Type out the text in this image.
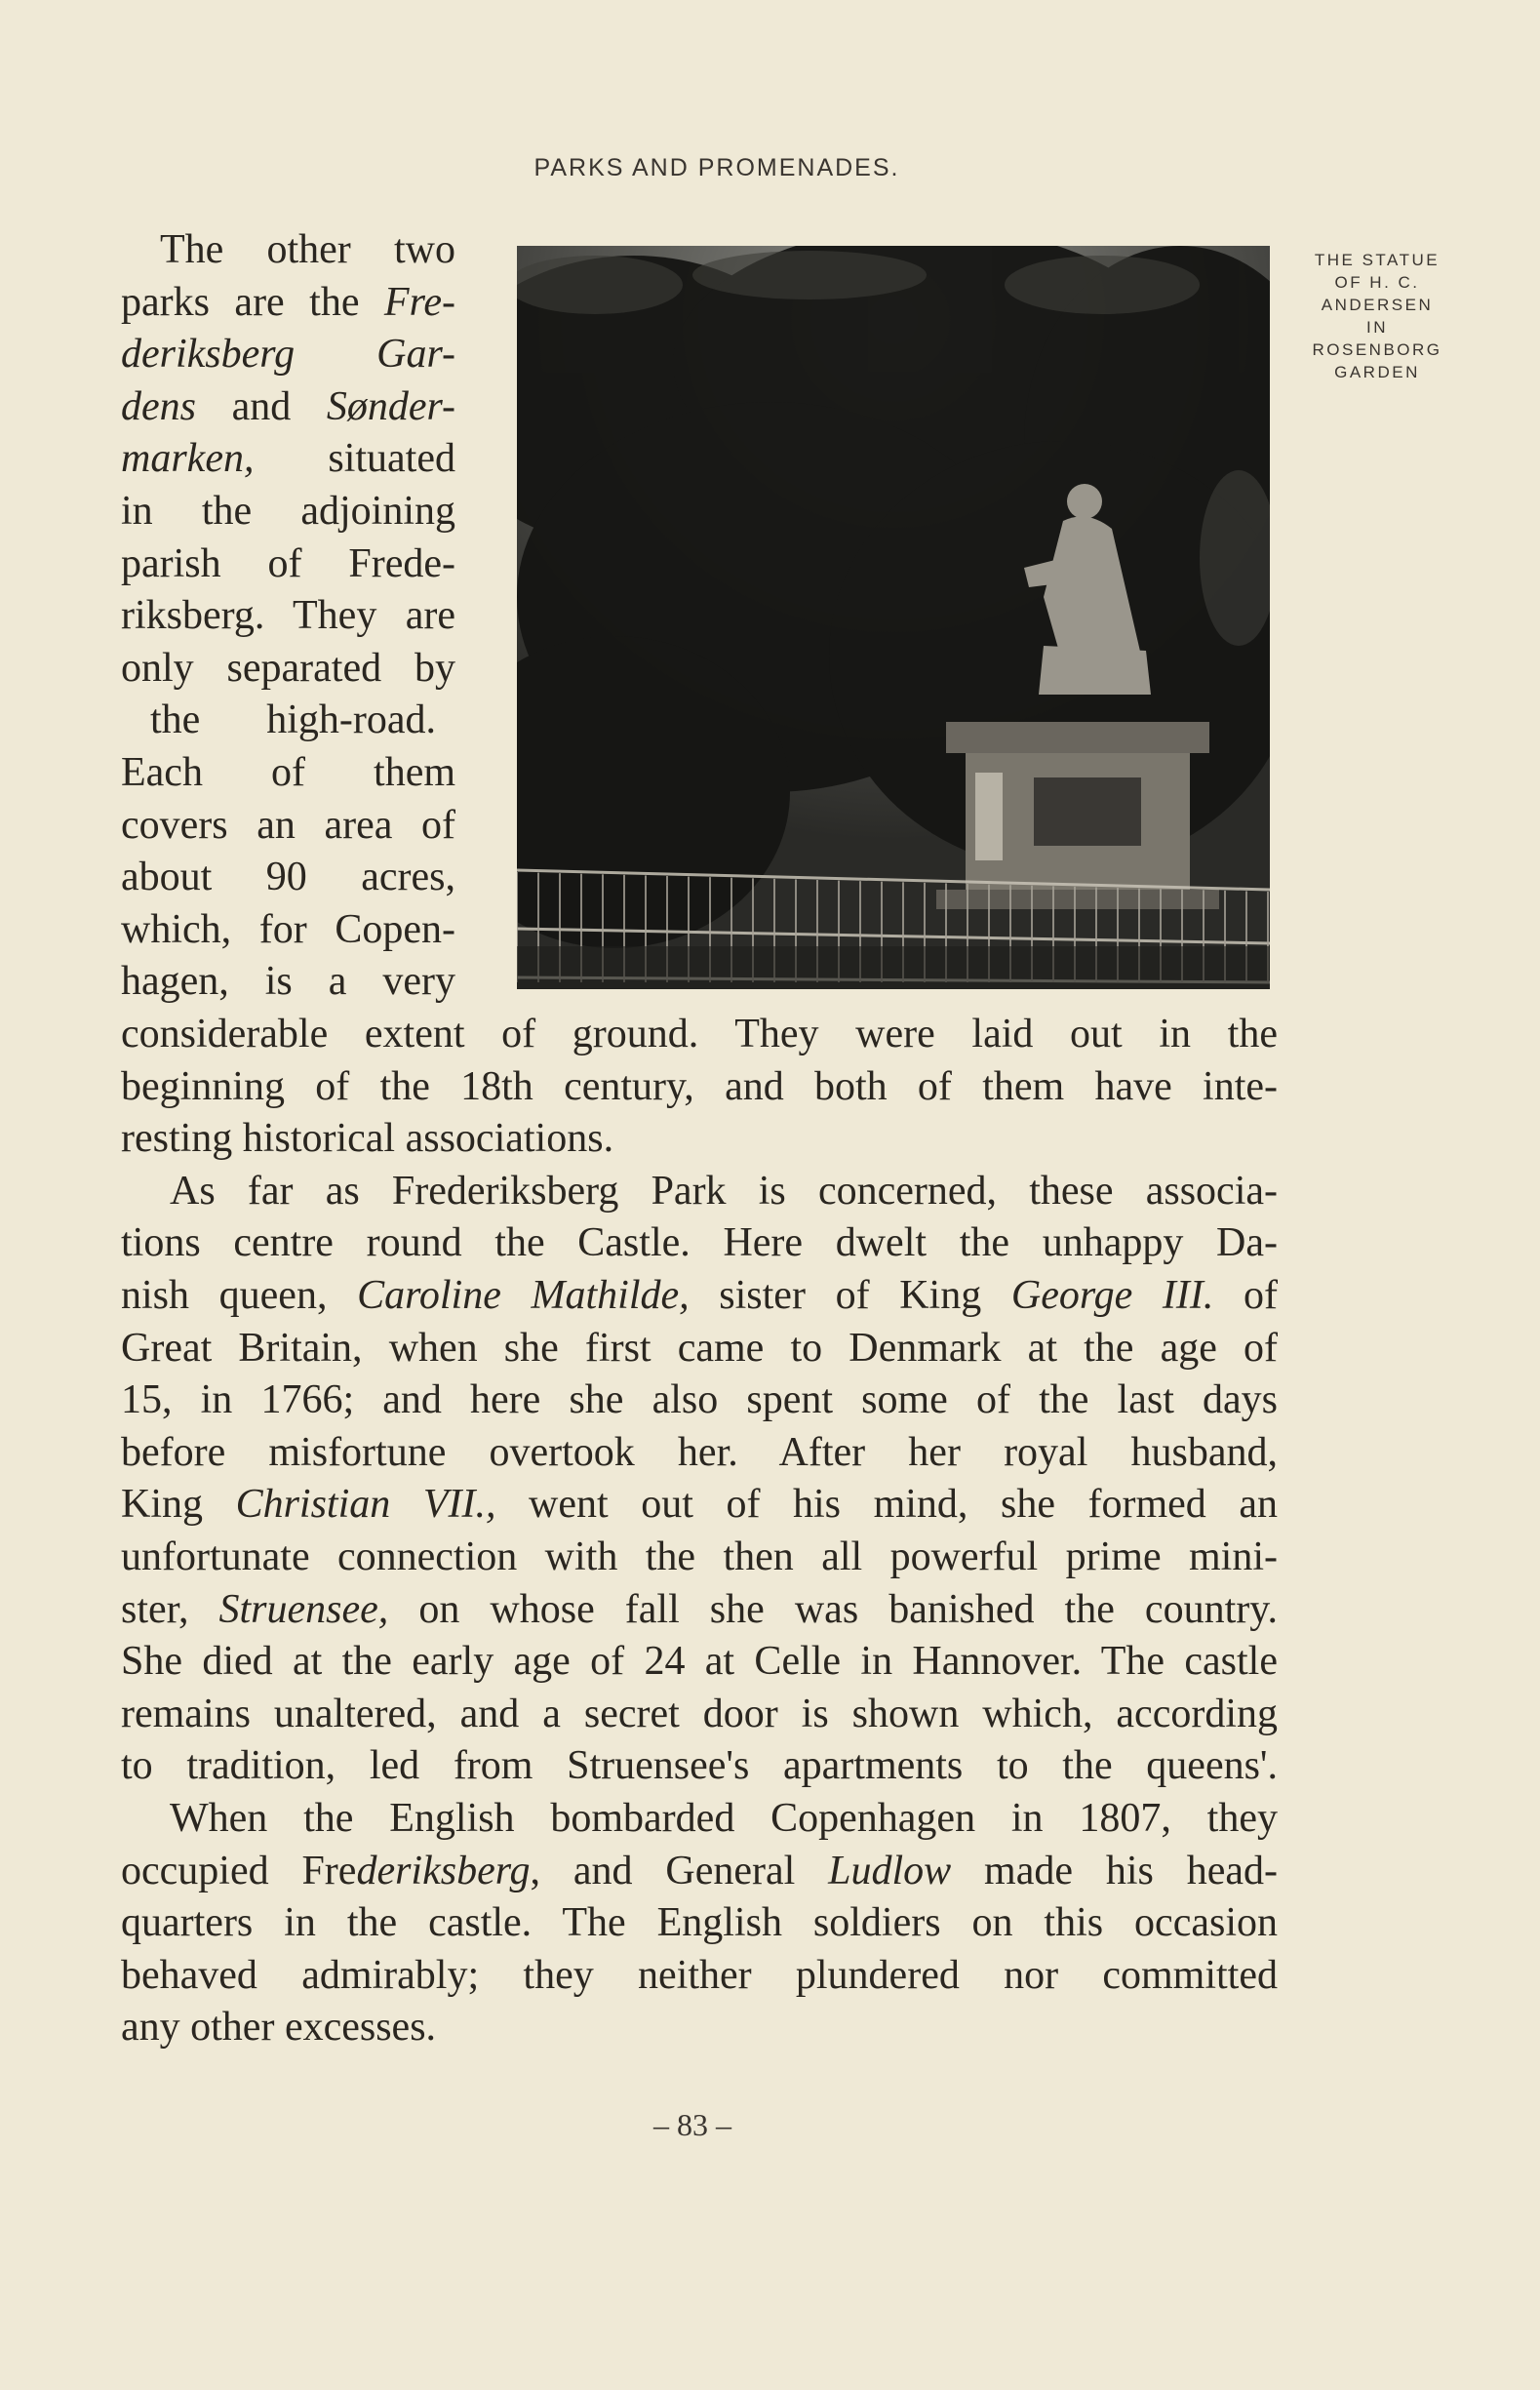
PARKS AND PROMENADES.
THE STATUE
OF H. C.
ANDERSEN
IN
ROSENBORG
GARDEN
The other two
parks are the Fre-
deriksberg Gar-
dens and Sønder-
marken, situated
in the adjoining
parish of Frede-
riksberg. They are
only separated by
the high-road.
Each of them
covers an area of
about 90 acres,
which, for Copen-
hagen, is a very
considerable extent of ground. They were laid out in the
beginning of the 18th century, and both of them have inte-
resting historical associations.
As far as Frederiksberg Park is concerned, these associa-
tions centre round the Castle. Here dwelt the unhappy Da-
nish queen, Caroline Mathilde, sister of King George III. of
Great Britain, when she first came to Denmark at the age of
15, in 1766; and here she also spent some of the last days
before misfortune overtook her. After her royal husband,
King Christian VII., went out of his mind, she formed an
unfortunate connection with the then all powerful prime mini-
ster, Struensee, on whose fall she was banished the country.
She died at the early age of 24 at Celle in Hannover. The castle
remains unaltered, and a secret door is shown which, according
to tradition, led from Struensee's apartments to the queens'.
When the English bombarded Copenhagen in 1807, they
occupied Frederiksberg, and General Ludlow made his head-
quarters in the castle. The English soldiers on this occasion
behaved admirably; they neither plundered nor committed
any other excesses.
– 83 –
